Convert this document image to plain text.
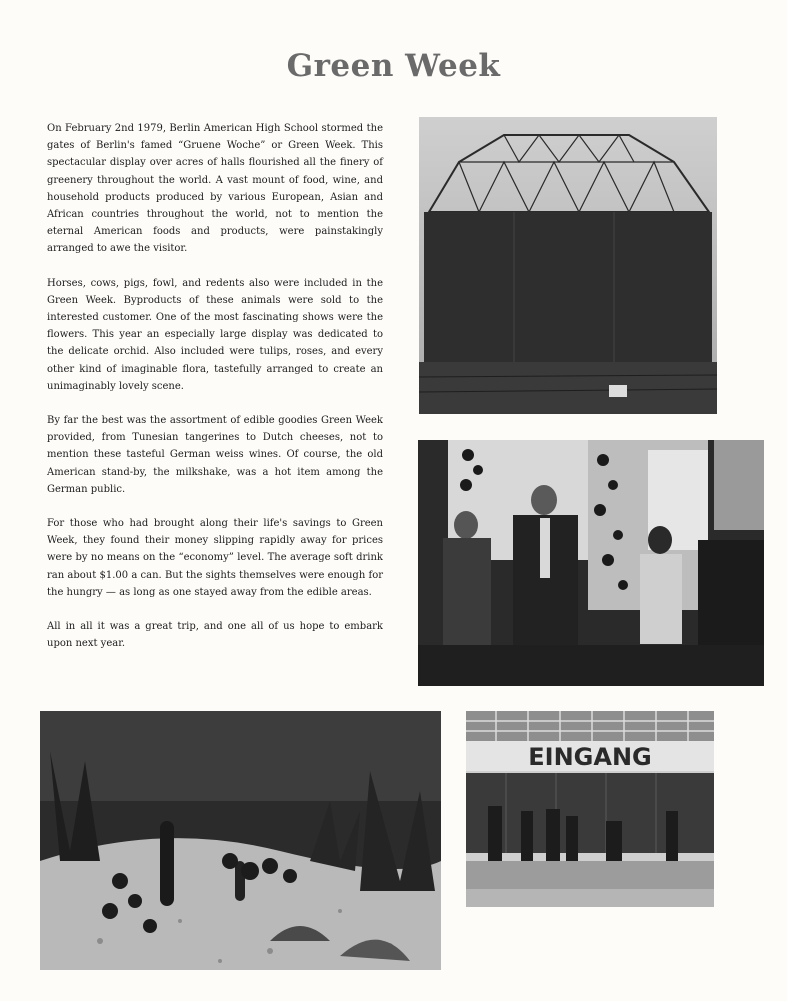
Green Week

On February 2nd 1979, Berlin American High School stormed the gates of Berlin's famed “Gruene Woche” or Green Week. This spectacular display over acres of halls flourished all the finery of greenery throughout the world. A vast mount of food, wine, and household products produced by various European, Asian and African countries throughout the world, not to mention the eternal American foods and products, were painstakingly arranged to awe the visitor.

Horses, cows, pigs, fowl, and redents also were included in the Green Week. Byproducts of these animals were sold to the interested customer. One of the most fascinating shows were the flowers. This year an especially large display was dedicated to the delicate orchid. Also included were tulips, roses, and every other kind of imaginable flora, tastefully arranged to create an unimaginably lovely scene.

By far the best was the assortment of edible goodies Green Week provided, from Tunesian tangerines to Dutch cheeses, not to mention these tasteful German weiss wines. Of course, the old American stand-by, the milkshake, was a hot item among the German public.

For those who had brought along their life's savings to Green Week, they found their money slipping rapidly away for prices were by no means on the “economy” level. The average soft drink ran about $1.00 a can. But the sights themselves were enough for the hungry — as long as one stayed away from the edible areas.

All in all it was a great trip, and one all of us hope to embark upon next year.

EINGANG
